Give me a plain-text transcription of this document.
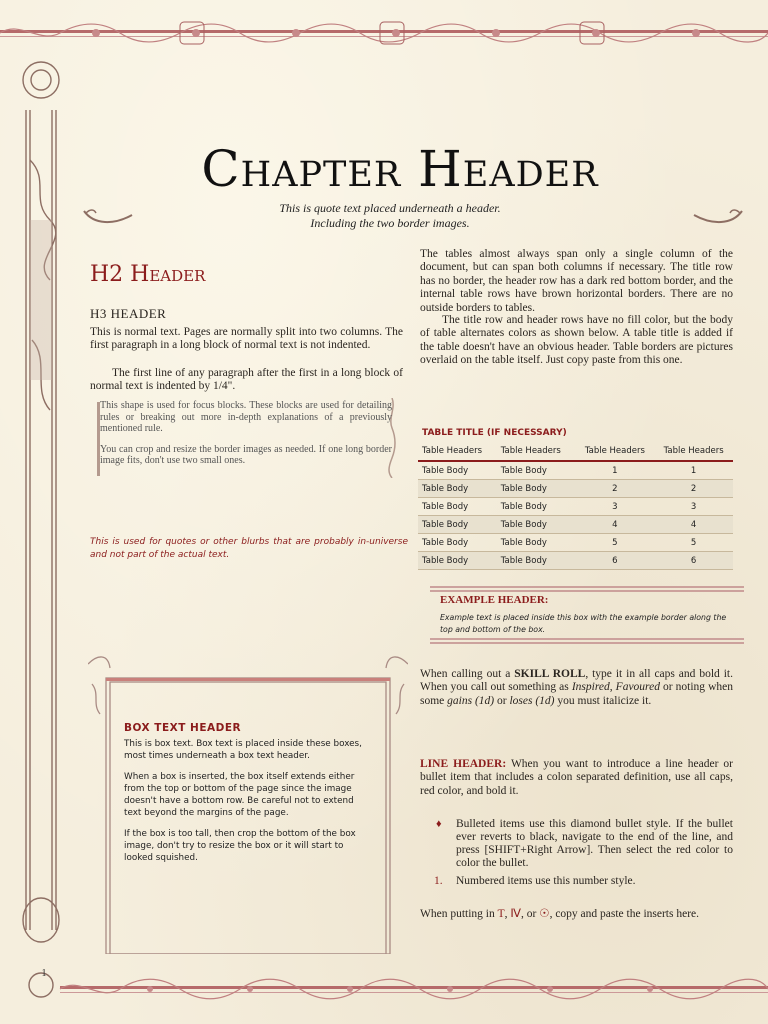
Chapter Header
This is quote text placed underneath a header.
Including the two border images.
H2 Header
H3 HEADER

This is normal text. Pages are normally split into two columns. The first paragraph in a long block of normal text is not indented.

The first line of any paragraph after the first in a long block of normal text is indented by 1/4".

This shape is used for focus blocks. These blocks are used for detailing rules or breaking out more in-depth explanations of a previously mentioned rule.

You can crop and resize the border images as needed. If one long border image fits, don't use two small ones.

This is used for quotes or other blurbs that are probably in-universe and not part of the actual text.

The tables almost always span only a single column of the document, but can span both columns if necessary. The title row has no border, the header row has a dark red bottom border, and the internal table rows have brown horizontal borders. There are no outside borders to tables.

The title row and header rows have no fill color, but the body of table alternates colors as shown below. A table title is added if the table doesn't have an obvious header. Table borders are pictures overlaid on the table itself. Just copy paste from this one.

TABLE TITLE (IF NECESSARY)
Table Headers	Table Headers	Table Headers	Table Headers
Table Body	Table Body	1	1
Table Body	Table Body	2	2
Table Body	Table Body	3	3
Table Body	Table Body	4	4
Table Body	Table Body	5	5
Table Body	Table Body	6	6
EXAMPLE HEADER:
Example text is placed inside this box with the example border along the top and bottom of the box.
BOX TEXT HEADER

This is box text. Box text is placed inside these boxes, most times underneath a box text header.

When a box is inserted, the box itself extends either from the top or bottom of the page since the image doesn't have a bottom row. Be careful not to extend text beyond the margins of the page.

If the box is too tall, then crop the bottom of the box image, don't try to resize the box or it will start to looked squished.

When calling out a SKILL ROLL, type it in all caps and bold it. When you call out something as Inspired, Favoured or noting when some gains (1d) or loses (1d) you must italicize it.

LINE HEADER: When you want to introduce a line header or bullet item that includes a colon separated definition, use all caps, red color, and bold it.

♦ Bulleted items use this diamond bullet style. If the bullet ever reverts to black, navigate to the end of the line, and press [SHIFT+Right Arrow]. Then select the red color to color the bullet.

1. Numbered items use this number style.

When putting in Ƭ, Ⅳ, or ☉, copy and paste the inserts here.

1
